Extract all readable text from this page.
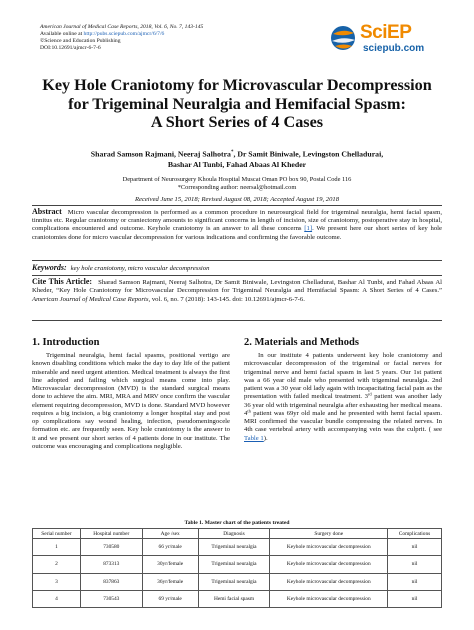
American Journal of Medical Case Reports, 2018, Vol. 6, No. 7, 143-145
Available online at http://pubs.sciepub.com/ajmcr/6/7/6
©Science and Education Publishing
DOI:10.12691/ajmcr-6-7-6
SciEP
sciepub.com
Key Hole Craniotomy for Microvascular Decompression
for Trigeminal Neuralgia and Hemifacial Spasm:
A Short Series of 4 Cases
Sharad Samson Rajmani, Neeraj Salhotra*, Dr Samit Biniwale, Levingston Chelladurai,
Bashar Al Tunbi, Fahad Abaas Al Kheder
Department of Neurosurgery Khoula Hospital Muscat Oman PO box 90, Postal Code 116
*Corresponding author: neersal@hotmail.com
Received June 15, 2018; Revised August 08, 2018; Accepted August 19, 2018
Abstract Micro vascular decompression is performed as a common procedure in neurosurgical field for trigeminal neuralgia, hemi facial spasm, tinnitus etc. Regular craniotomy or craniectomy amounts to significant concerns in length of incision, size of craniotomy, postoperative stay in hospital, complications encountered and outcome. Keyhole craniotomy is an answer to all these concerns [1]. We present here our short series of key hole craniotomies done for micro vascular decompression for various indications and confirming the favorable outcome.
Keywords: key hole craniotomy, micro vascular decompression
Cite This Article: Sharad Samson Rajmani, Neeraj Salhotra, Dr Samit Biniwale, Levingston Chelladurai, Bashar Al Tunbi, and Fahad Abaas Al Kheder, “Key Hole Craniotomy for Microvascular Decompression for Trigeminal Neuralgia and Hemifacial Spasm: A Short Series of 4 Cases.” American Journal of Medical Case Reports, vol. 6, no. 7 (2018): 143-145. doi: 10.12691/ajmcr-6-7-6.
1. Introduction
Trigeminal neuralgia, hemi facial spasms, positional vertigo are known disabling conditions which make the day to day life of the patient miserable and need urgent attention. Medical treatment is always the first line adopted and failing which surgical means come into play. Microvascular decompression (MVD) is the standard surgical means done to achieve the aim. MRI, MRA and MRV once confirm the vascular element requiring decompression, MVD is done. Standard MVD however requires a big incision, a big craniotomy a longer hospital stay and post op complications say wound healing, infection, pseudomeningocele formation etc. are frequently seen. Key hole craniotomy is the answer to it and we present our short series of 4 patients done in our institute. The outcome was encouraging and complications negligible.
2. Materials and Methods
In our institute 4 patients underwent key hole craniotomy and microvascular decompression of the trigeminal or facial nerves for trigeminal nerve and hemi facial spasm in last 5 years. Our 1st patient was a 66 year old male who presented with trigeminal neuralgia. 2nd patient was a 30 year old lady again with incapacitating facial pain as the presentation with failed medical treatment. 3rd patient was another lady 36 year old with trigeminal neuralgia after exhausting her medical means. 4th patient was 69yr old male and he presented with hemi facial spasm. MRI confirmed the vascular bundle compressing the related nerves. In 4th case vertebral artery with accompanying vein was the culprit. ( see Table 1).
Table 1. Master chart of the patients treated
Serial number	Hospital number	Age /sex	Diagnosis	Surgery done	Complications
1	730580	66 yr/male	Trigeminal neuralgia	Keyhole microvascular decompression	nil
2	873313	30yr/female	Trigeminal neuralgia	Keyhole microvascular decompression	nil
3	837863	36yr/female	Trigeminal neuralgia	Keyhole microvascular decompression	nil
4	730543	69 yr/male	Hemi facial spasm	Keyhole microvascular decompression	nil
